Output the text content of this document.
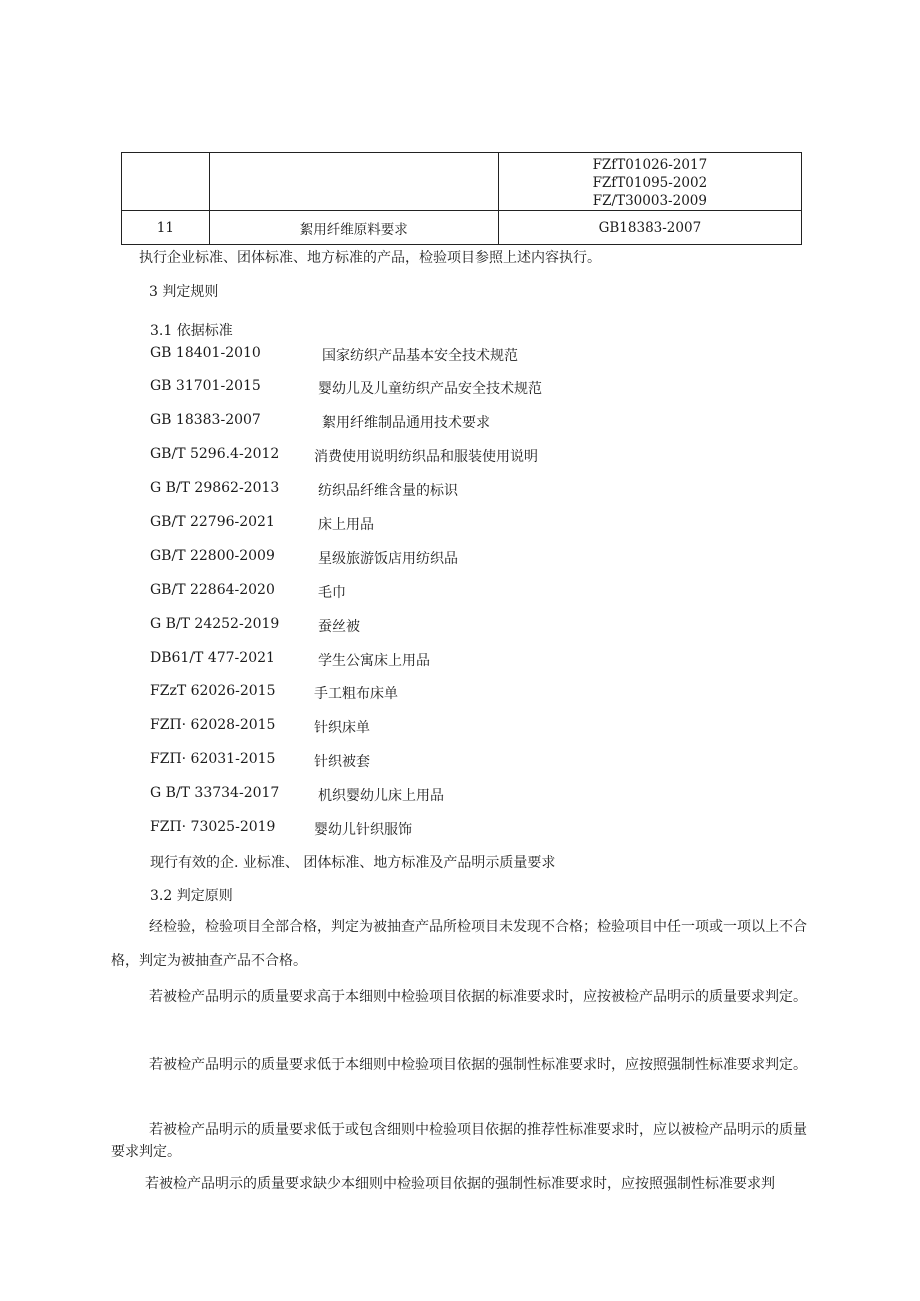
		FZfT01026-2017
FZfT01095-2002
FZ/T30003-2009

11	絮用纤维原料要求	GB18383-2007
执行企业标准、团体标准、地方标准的产品，检验项目参照上述内容执行。
3 判定规则
3.1 依据标准
GB 18401-2010	国家纺织产品基本安全技术规范
GB 31701-2015	婴幼儿及儿童纺织产品安全技术规范
GB 18383-2007	絮用纤维制品通用技术要求
GB/T 5296.4-2012 消费使用说明纺织品和服装使用说明
G B/T 29862-2013	纺织品纤维含量的标识
GB/T 22796-2021	床上用品
GB/T 22800-2009	星级旅游饭店用纺织品
GB/T 22864-2020	毛巾
G B/T 24252-2019	蚕丝被
DB61/T 477-2021	学生公寓床上用品
FZzT 62026-2015	手工粗布床单
FZΠ· 62028-2015	针织床单
FZΠ· 62031-2015	针织被套
G B/T 33734-2017	机织婴幼儿床上用品
FZΠ· 73025-2019	婴幼儿针织服饰
现行有效的企. 业标准、 团体标准、地方标准及产品明示质量要求
3.2 判定原则
经检验，检验项目全部合格，判定为被抽查产品所检项目未发现不合格；检验项目中任一项或一项以上不合格，判定为被抽查产品不合格。
若被检产品明示的质量要求高于本细则中检验项目依据的标准要求时，应按被检产品明示的质量要求判定。
若被检产品明示的质量要求低于本细则中检验项目依据的强制性标准要求时，应按照强制性标准要求判定。
若被检产品明示的质量要求低于或包含细则中检验项目依据的推荐性标准要求时，应以被检产品明示的质量要求判定。
若被检产品明示的质量要求缺少本细则中检验项目依据的强制性标准要求时，应按照强制性标准要求判
